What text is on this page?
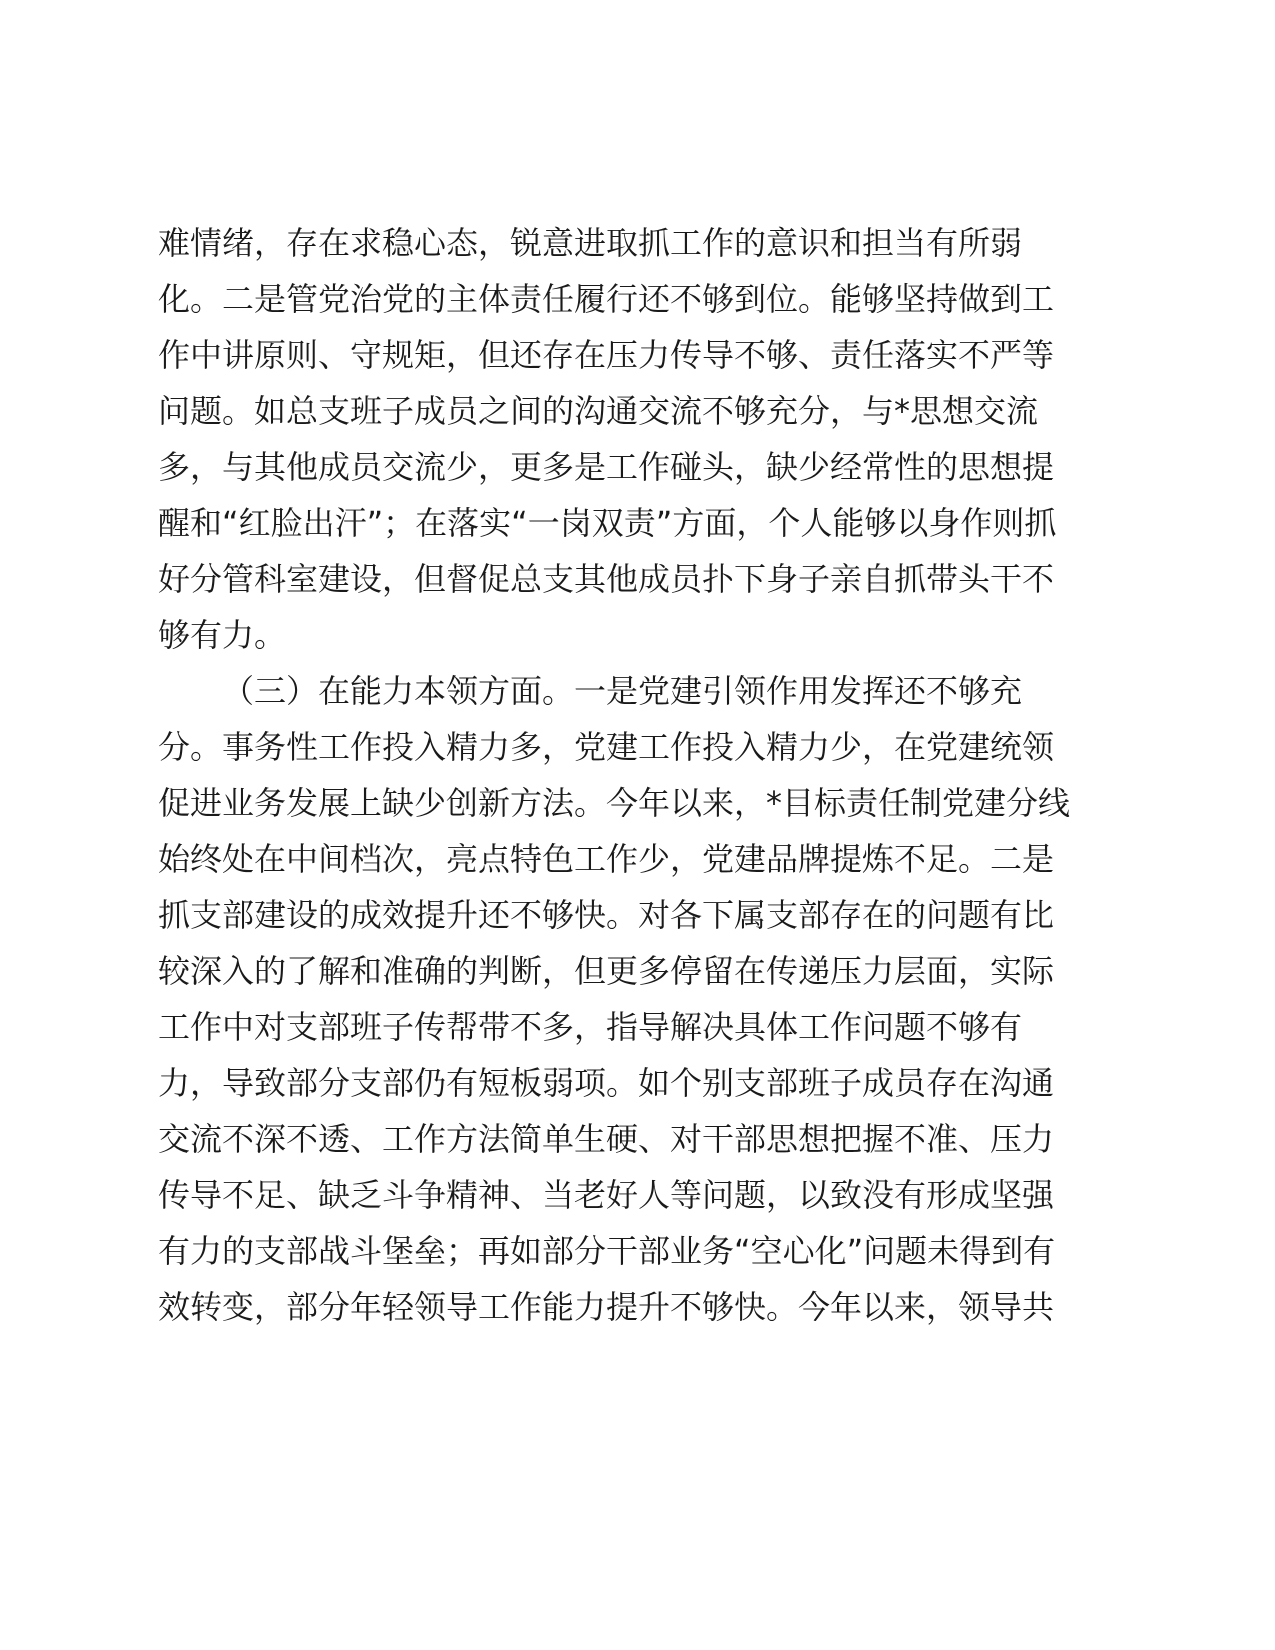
难情绪，存在求稳心态，锐意进取抓工作的意识和担当有所弱
化。二是管党治党的主体责任履行还不够到位。能够坚持做到工
作中讲原则、守规矩，但还存在压力传导不够、责任落实不严等
问题。如总支班子成员之间的沟通交流不够充分，与*思想交流
多，与其他成员交流少，更多是工作碰头，缺少经常性的思想提
醒和“红脸出汗”；在落实“一岗双责”方面，个人能够以身作则抓
好分管科室建设，但督促总支其他成员扑下身子亲自抓带头干不
够有力。
（三）在能力本领方面。一是党建引领作用发挥还不够充
分。事务性工作投入精力多，党建工作投入精力少，在党建统领
促进业务发展上缺少创新方法。今年以来，*目标责任制党建分线
始终处在中间档次，亮点特色工作少，党建品牌提炼不足。二是
抓支部建设的成效提升还不够快。对各下属支部存在的问题有比
较深入的了解和准确的判断，但更多停留在传递压力层面，实际
工作中对支部班子传帮带不多，指导解决具体工作问题不够有
力，导致部分支部仍有短板弱项。如个别支部班子成员存在沟通
交流不深不透、工作方法简单生硬、对干部思想把握不准、压力
传导不足、缺乏斗争精神、当老好人等问题，以致没有形成坚强
有力的支部战斗堡垒；再如部分干部业务“空心化”问题未得到有
效转变，部分年轻领导工作能力提升不够快。今年以来，领导共
